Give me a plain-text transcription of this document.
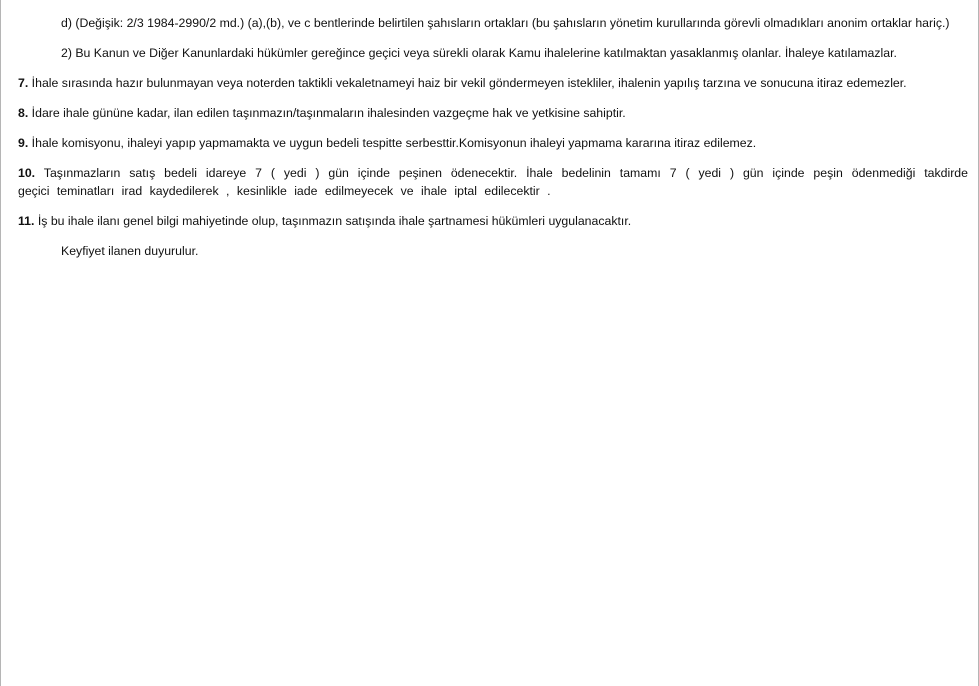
d) (Değişik: 2/3 1984-2990/2 md.) (a),(b), ve c bentlerinde belirtilen şahısların ortakları (bu şahısların yönetim kurullarında görevli olmadıkları anonim ortaklar hariç.)

2) Bu Kanun ve Diğer Kanunlardaki hükümler gereğince geçici veya sürekli olarak Kamu ihalelerine katılmaktan yasaklanmış olanlar. İhaleye katılamazlar.

7. İhale sırasında hazır bulunmayan veya noterden taktikli vekaletnameyi haiz bir vekil göndermeyen istekliler, ihalenin yapılış tarzına ve sonucuna itiraz edemezler.

8. İdare ihale gününe kadar, ilan edilen taşınmazın/taşınmaların ihalesinden vazgeçme hak ve yetkisine sahiptir.

9. İhale komisyonu, ihaleyi yapıp yapmamakta ve uygun bedeli tespitte serbesttir.Komisyonun ihaleyi yapmama kararına itiraz edilemez.

10. Taşınmazların satış bedeli idareye 7 ( yedi ) gün içinde peşinen ödenecektir. İhale bedelinin tamamı 7 ( yedi ) gün içinde peşin ödenmediği takdirde geçici teminatları irad kaydedilerek , kesinlikle iade edilmeyecek ve ihale iptal edilecektir .

11. İş bu ihale ilanı genel bilgi mahiyetinde olup, taşınmazın satışında ihale şartnamesi hükümleri uygulanacaktır.

Keyfiyet ilanen duyurulur.
